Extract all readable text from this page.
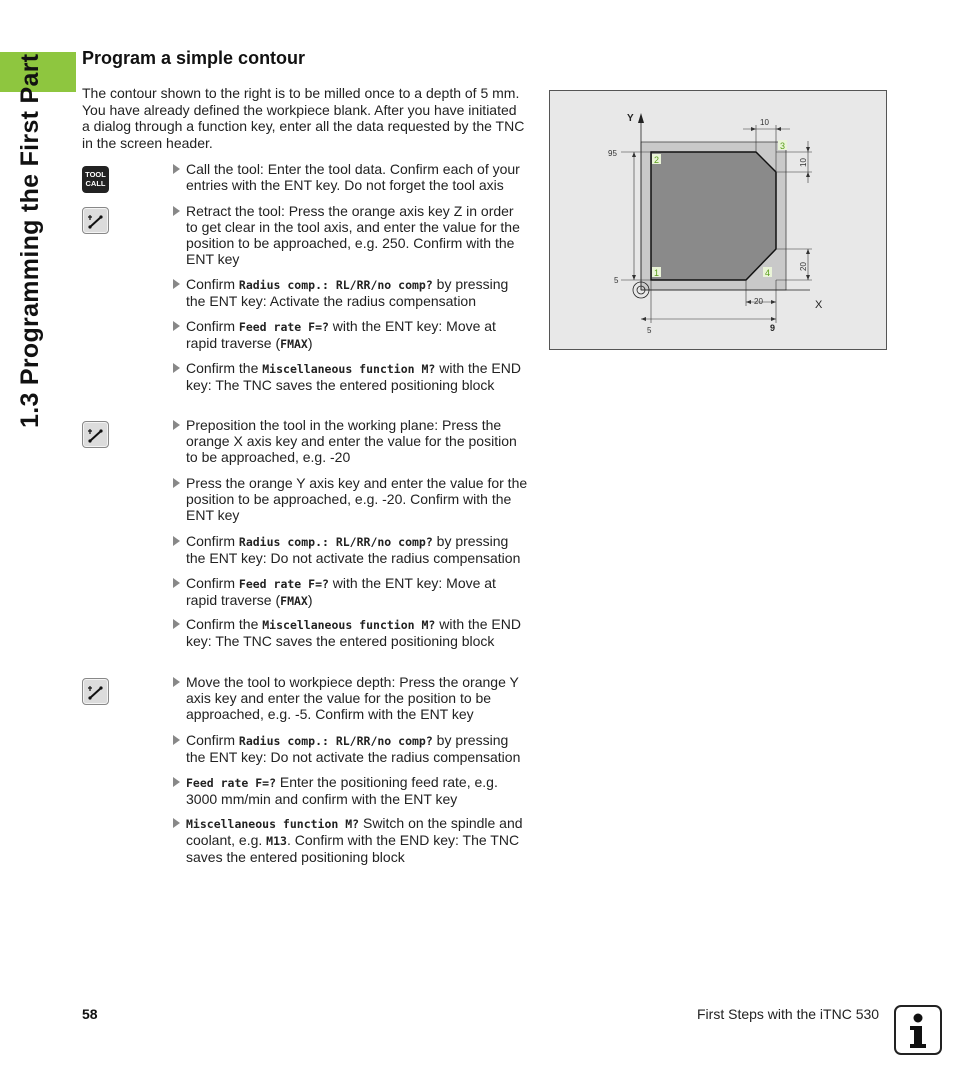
1.3 Programming the First Part Program a simple contour
The contour shown to the right is to be milled once to a depth of 5 mm. You have already defined the workpiece blank. After you have initiated a dialog through a function key, enter all the data requested by the TNC in the screen header.
TOOL
CALL
Call the tool: Enter the tool data. Confirm each of your entries with the ENT key. Do not forget the tool axis
Retract the tool: Press the orange axis key Z in order to get clear in the tool axis, and enter the value for the position to be approached, e.g. 250. Confirm with the ENT key
Confirm Radius comp.: RL/RR/no comp? by pressing the ENT key: Activate the radius compensation
Confirm Feed rate F=? with the ENT key: Move at rapid traverse (FMAX)
Confirm the Miscellaneous function M? with the END key: The TNC saves the entered positioning block
Preposition the tool in the working plane: Press the orange X axis key and enter the value for the position to be approached, e.g. -20
Press the orange Y axis key and enter the value for the position to be approached, e.g. -20. Confirm with the ENT key
Confirm Radius comp.: RL/RR/no comp? by pressing the ENT key: Do not activate the radius compensation
Confirm Feed rate F=? with the ENT key: Move at rapid traverse (FMAX)
Confirm the Miscellaneous function M? with the END key: The TNC saves the entered positioning block
Move the tool to workpiece depth: Press the orange Y axis key and enter the value for the position to be approached, e.g. -5. Confirm with the ENT key
Confirm Radius comp.: RL/RR/no comp? by pressing the ENT key: Do not activate the radius compensation
Feed rate F=? Enter the positioning feed rate, e.g. 3000 mm/min and confirm with the ENT key
Miscellaneous function M? Switch on the spindle and coolant, e.g. M13. Confirm with the END key: The TNC saves the entered positioning block
Y
X
2
1
3
4
10
10
20
20
95
5
5	9
58	First Steps with the iTNC 530
